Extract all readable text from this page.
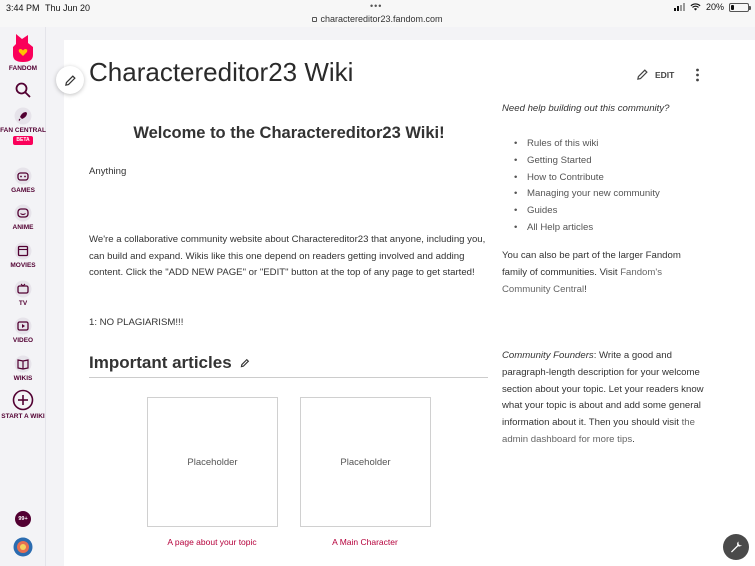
3:44 PM Thu Jun 20	•••
charactereditor23.fandom.com
20%
FANDOM
FAN CENTRAL
BETA
GAMES
ANIME
MOVIES
TV
VIDEO
WIKIS
START A WIKI
99+
Charactereditor23 Wiki	EDIT
Welcome to the Charactereditor23 Wiki!
Anything
We're a collaborative community website about Charactereditor23 that anyone, including you, can build and expand. Wikis like this one depend on readers getting involved and adding content. Click the "ADD NEW PAGE" or "EDIT" button at the top of any page to get started!
1: NO PLAGIARISM!!!
Important articles
Placeholder	Placeholder
A page about your topic	A Main Character
Need help building out this community?
• Rules of this wiki
• Getting Started
• How to Contribute
• Managing your new community
• Guides
• All Help articles
You can also be part of the larger Fandom family of communities. Visit Fandom's Community Central!
Community Founders: Write a good and paragraph-length description for your welcome section about your topic. Let your readers know what your topic is about and add some general information about it. Then you should visit the admin dashboard for more tips.
